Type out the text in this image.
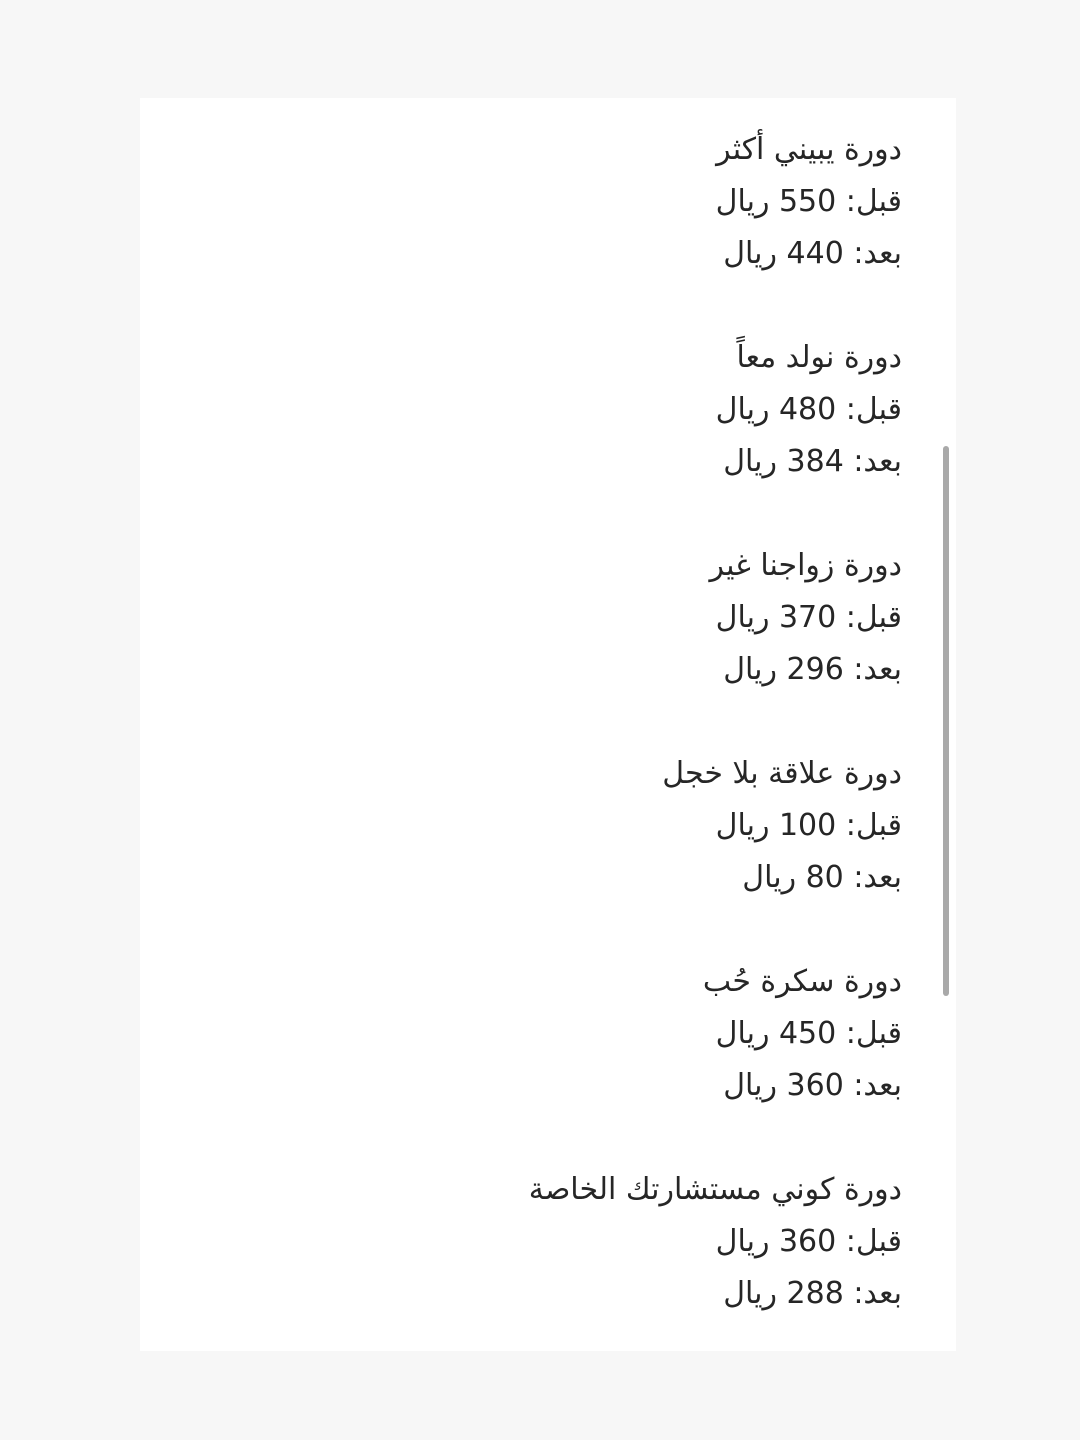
دورة يبيني أكثر
قبل: 550 ريال
بعد: 440 ريال
دورة نولد معاً
قبل: 480 ريال
بعد: 384 ريال
دورة زواجنا غير
قبل: 370 ريال
بعد: 296 ريال
دورة علاقة بلا خجل
قبل: 100 ريال
بعد: 80 ريال
دورة سكرة حُب
قبل: 450 ريال
بعد: 360 ريال
دورة كوني مستشارتك الخاصة
قبل: 360 ريال
بعد: 288 ريال
